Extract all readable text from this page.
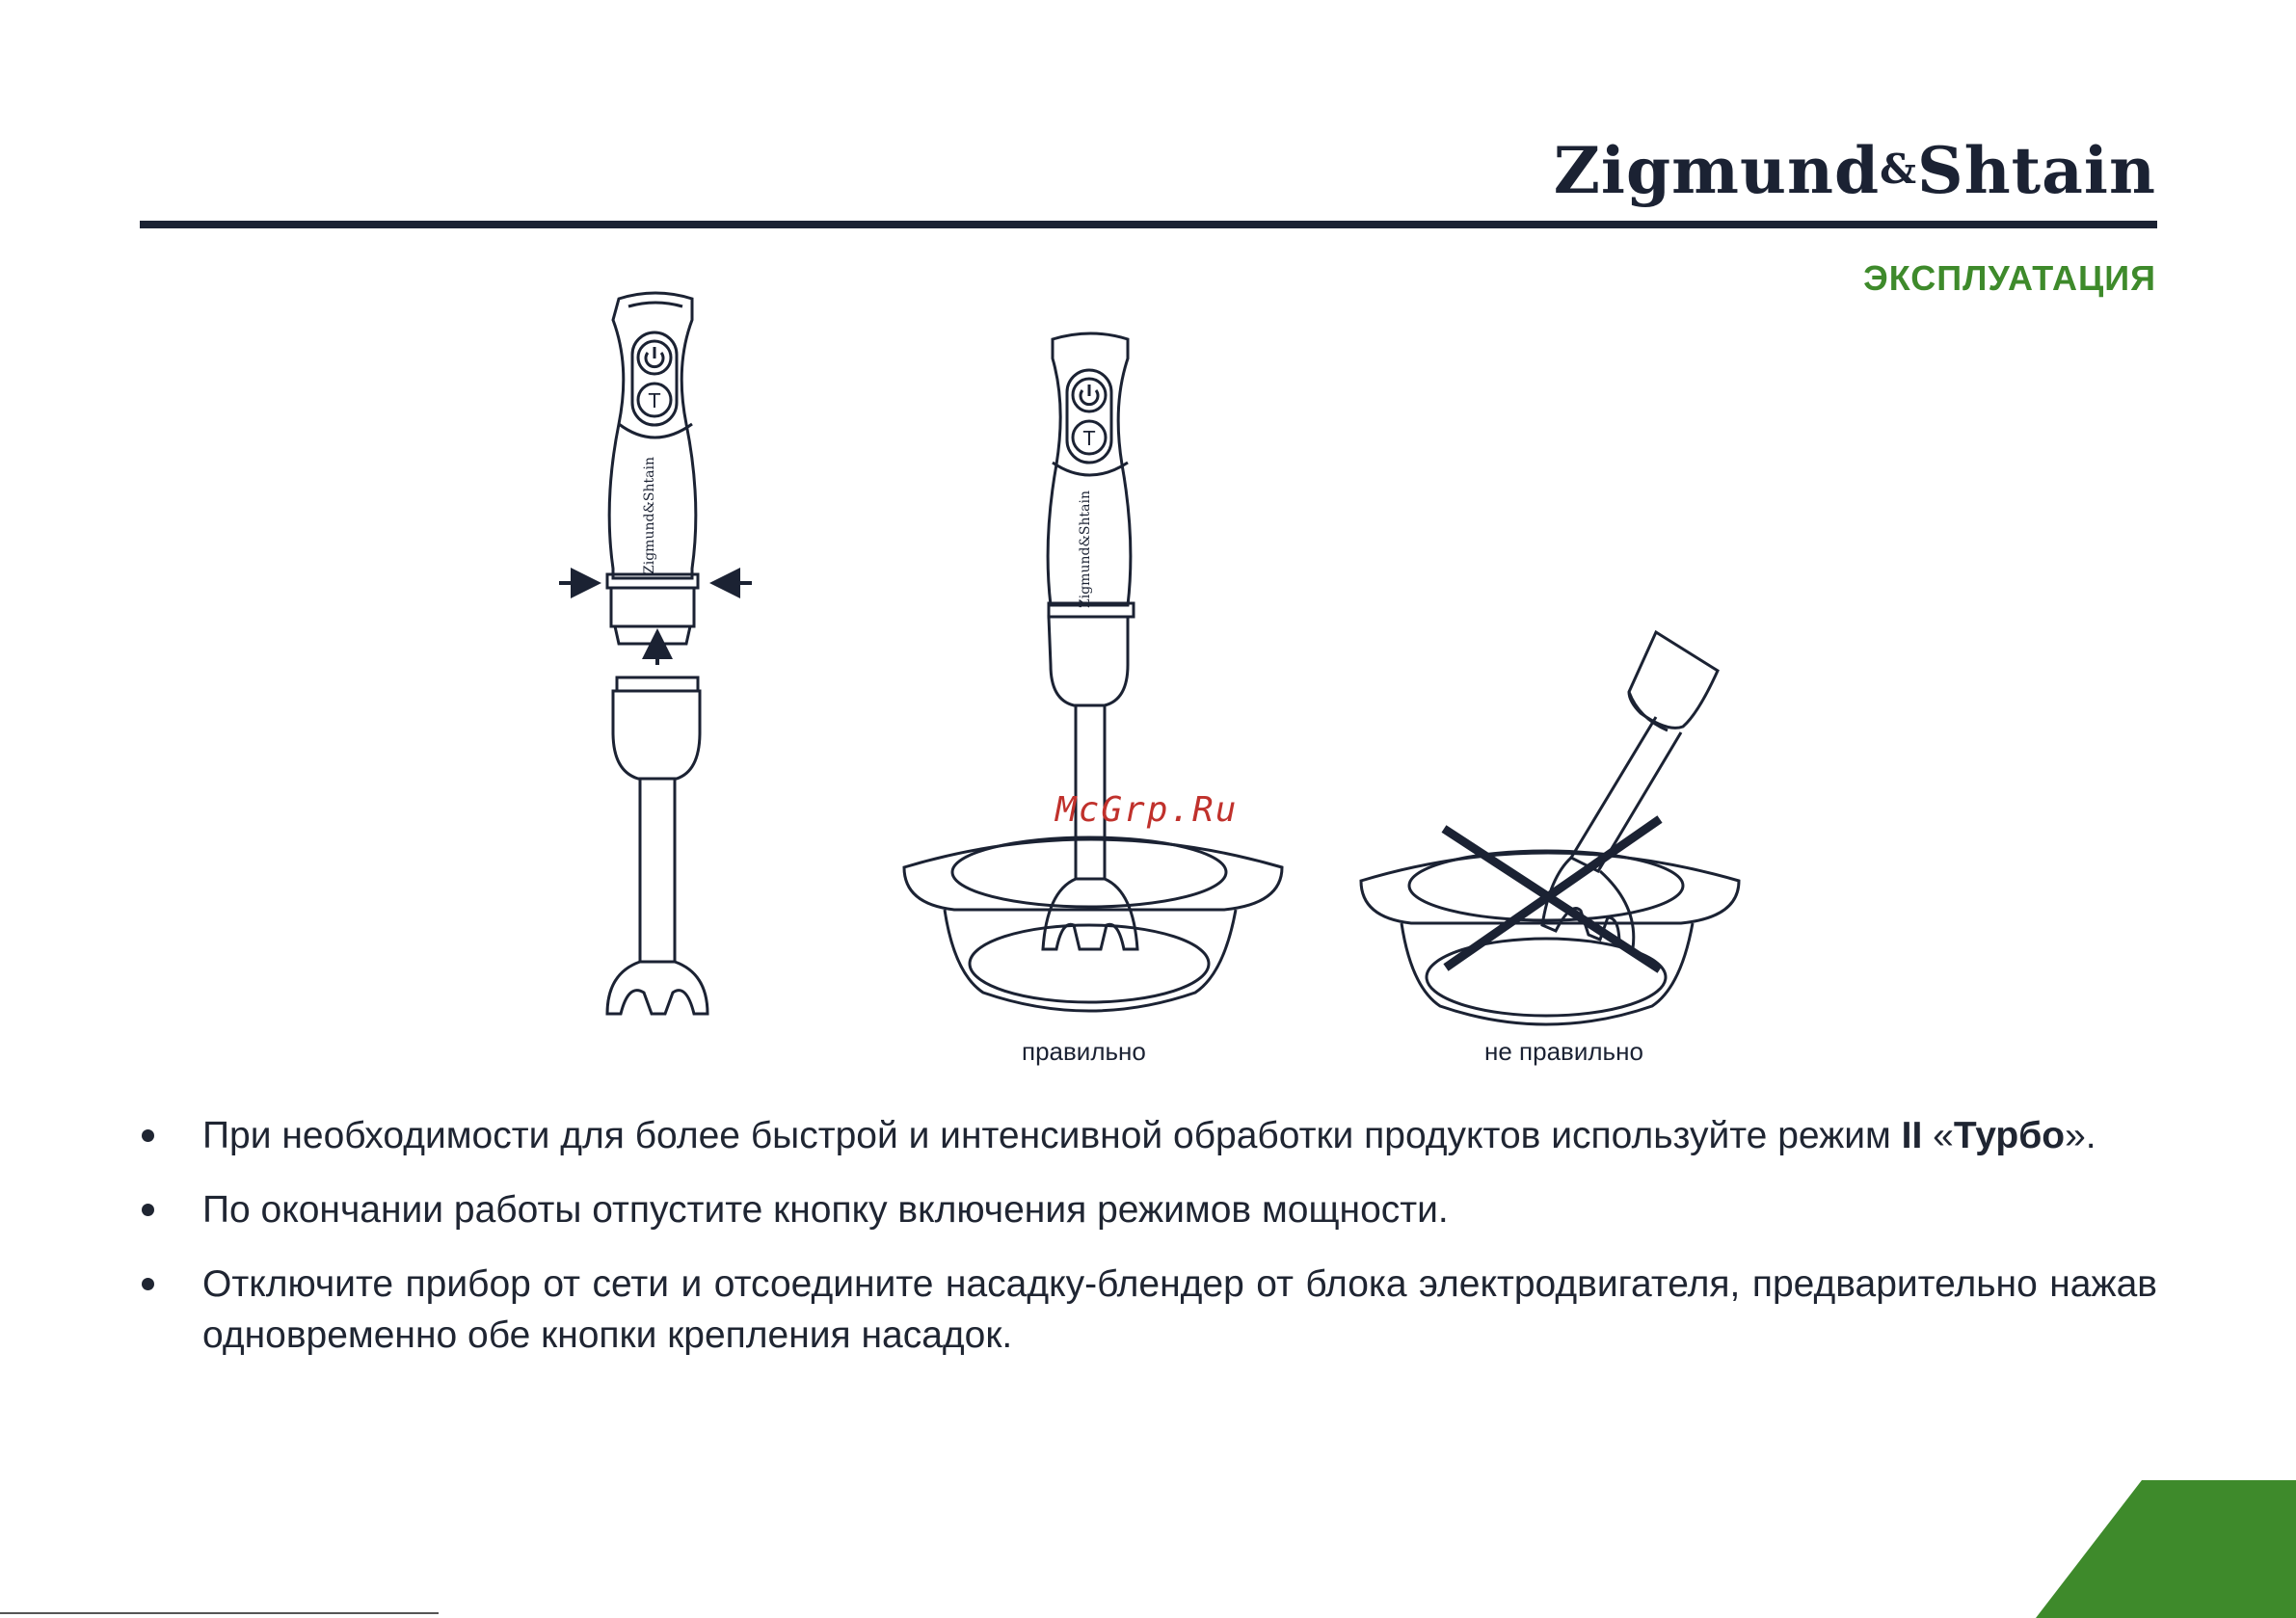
Zigmund&Shtain
ЭКСПЛУАТАЦИЯ
T
Zigmund&Shtain
T
Zigmund&Shtain
McGrp.Ru
правильно	не правильно
При необходимости для более быстрой и интенсивной обработки продуктов используйте режим II «Турбо».
По окончании работы отпустите кнопку включения режимов мощности.
Отключите прибор от сети и отсоедините насадку-блендер от блока электродвигателя, предварительно нажав одновременно обе кнопки крепления насадок.
